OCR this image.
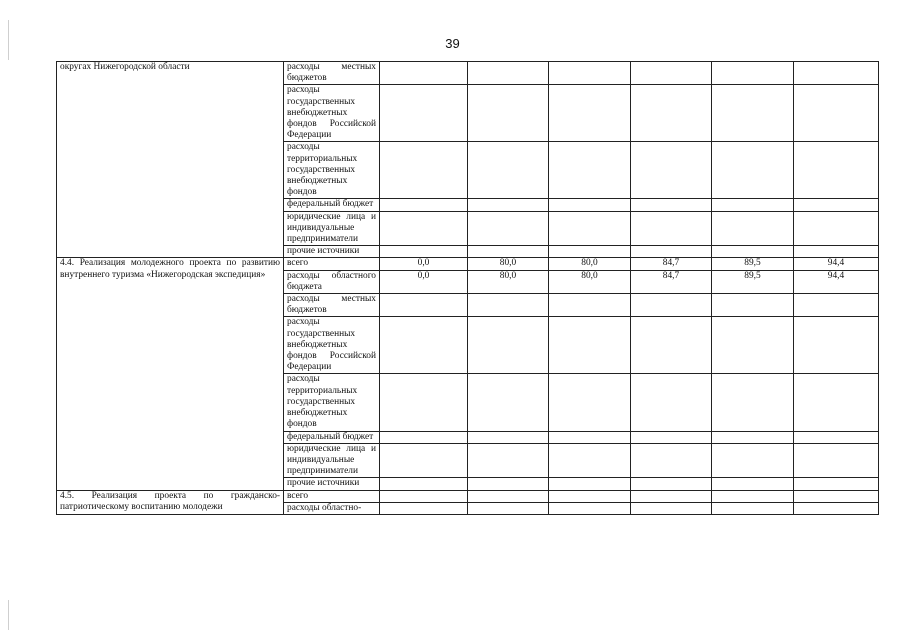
39
округах Нижегородской области	расходы местных бюджетов						
	расходы государственных внебюджетных фондов Российской Федерации						
	расходы территориальных государственных внебюджетных фондов						
	федеральный бюджет						
	юридические лица и индивидуальные предприниматели						
	прочие источники						
4.4. Реализация молодежного проекта по развитию внутреннего туризма «Нижегородская экспедиция»	всего	0,0	80,0	80,0	84,7	89,5	94,4
	расходы областного бюджета	0,0	80,0	80,0	84,7	89,5	94,4
	расходы местных бюджетов						
	расходы государственных внебюджетных фондов Российской Федерации						
	расходы территориальных государственных внебюджетных фондов						
	федеральный бюджет						
	юридические лица и индивидуальные предприниматели						
	прочие источники						
4.5. Реализация проекта по гражданско-патриотическому воспитанию молодежи	всего						
	расходы областно-						
